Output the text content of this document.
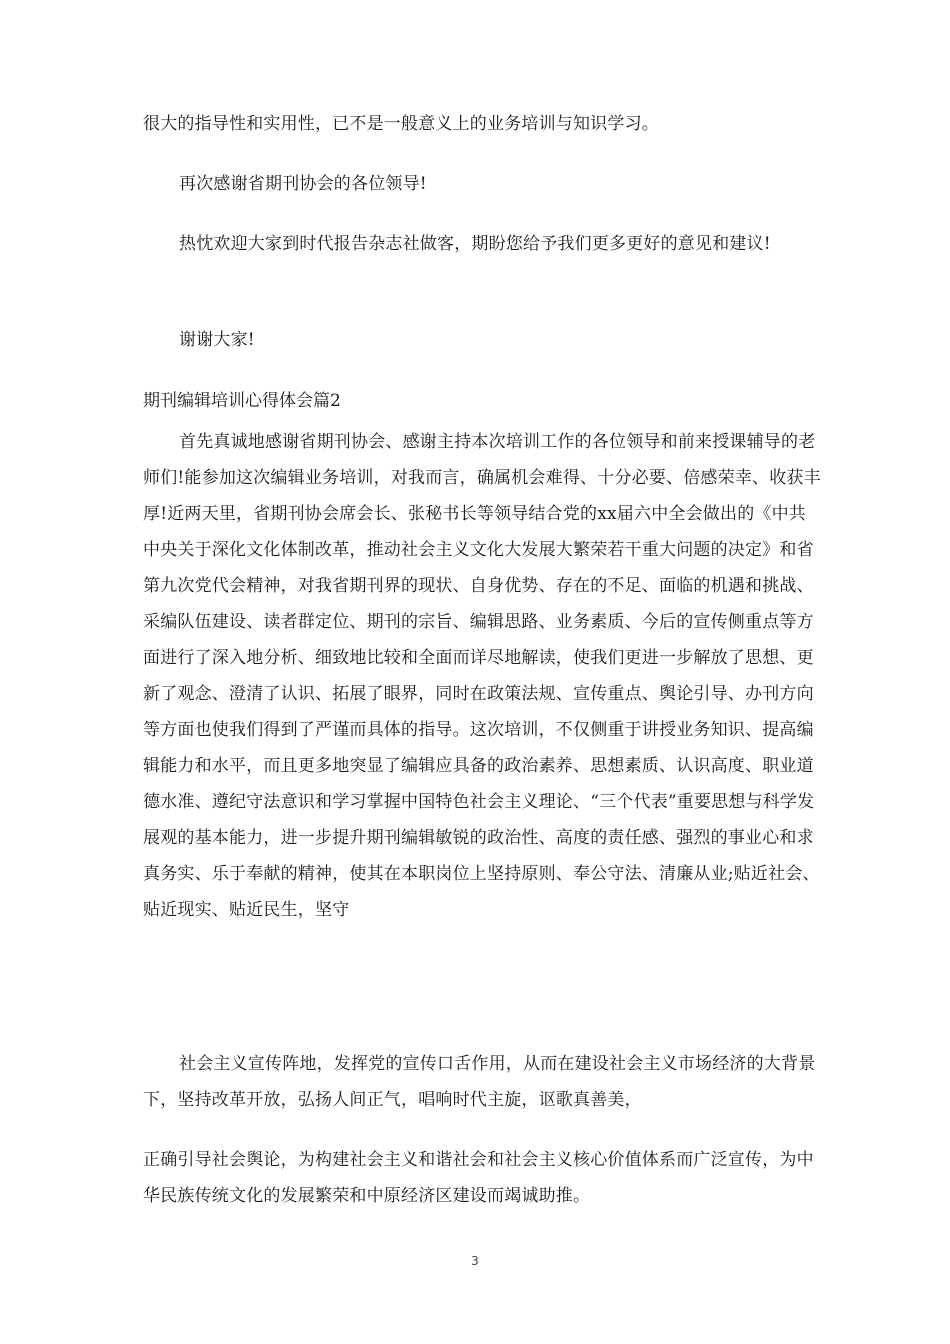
很大的指导性和实用性，已不是一般意义上的业务培训与知识学习。

再次感谢省期刊协会的各位领导!

热忱欢迎大家到时代报告杂志社做客，期盼您给予我们更多更好的意见和建议!

谢谢大家!

期刊编辑培训心得体会篇2

首先真诚地感谢省期刊协会、感谢主持本次培训工作的各位领导和前来授课辅导的老师们!能参加这次编辑业务培训，对我而言，确属机会难得、十分必要、倍感荣幸、收获丰厚!近两天里，省期刊协会席会长、张秘书长等领导结合党的xx届六中全会做出的《中共中央关于深化文化体制改革，推动社会主义文化大发展大繁荣若干重大问题的决定》和省第九次党代会精神，对我省期刊界的现状、自身优势、存在的不足、面临的机遇和挑战、采编队伍建设、读者群定位、期刊的宗旨、编辑思路、业务素质、今后的宣传侧重点等方面进行了深入地分析、细致地比较和全面而详尽地解读，使我们更进一步解放了思想、更新了观念、澄清了认识、拓展了眼界，同时在政策法规、宣传重点、舆论引导、办刊方向等方面也使我们得到了严谨而具体的指导。这次培训，不仅侧重于讲授业务知识、提高编辑能力和水平，而且更多地突显了编辑应具备的政治素养、思想素质、认识高度、职业道德水准、遵纪守法意识和学习掌握中国特色社会主义理论、“三个代表”重要思想与科学发展观的基本能力，进一步提升期刊编辑敏锐的政治性、高度的责任感、强烈的事业心和求真务实、乐于奉献的精神，使其在本职岗位上坚持原则、奉公守法、清廉从业;贴近社会、贴近现实、贴近民生，坚守

社会主义宣传阵地，发挥党的宣传口舌作用，从而在建设社会主义市场经济的大背景下，坚持改革开放，弘扬人间正气，唱响时代主旋，讴歌真善美，

正确引导社会舆论，为构建社会主义和谐社会和社会主义核心价值体系而广泛宣传，为中华民族传统文化的发展繁荣和中原经济区建设而竭诚助推。

3
